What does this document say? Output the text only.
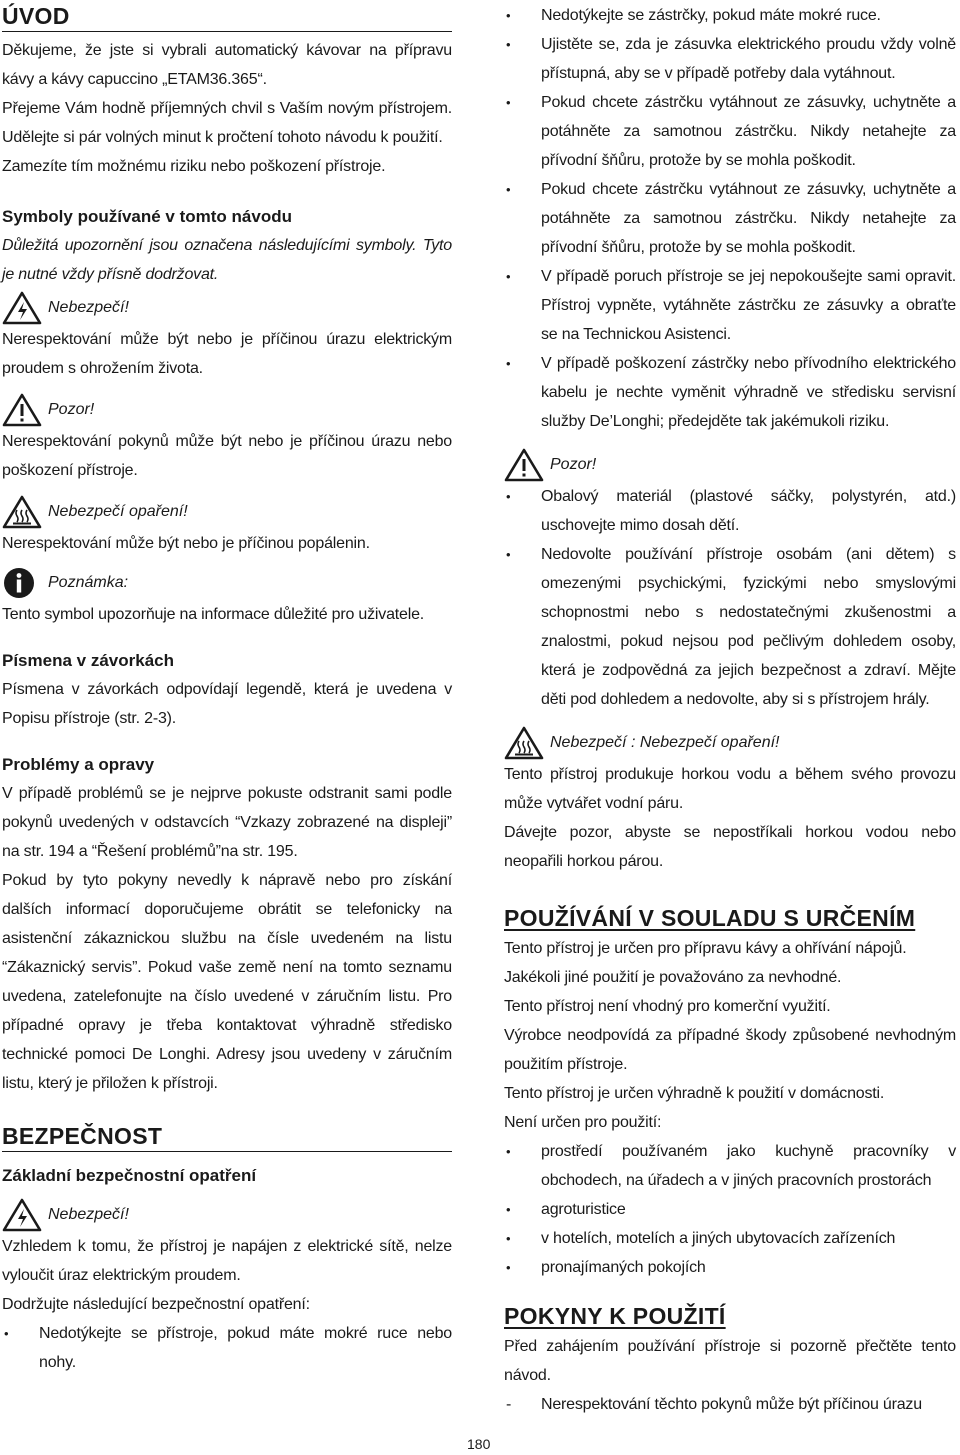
ÚVOD

Děkujeme, že jste si vybrali automatický kávovar na přípravu kávy a kávy capuccino „ETAM36.365“.

Přejeme Vám hodně příjemných chvil s Vaším novým přístrojem. Udělejte si pár volných minut k pročtení tohoto návodu k použití.

Zamezíte tím možnému riziku nebo poškození přístroje.

Symboly používané v tomto návodu

Důležitá upozornění jsou označena následujícími symboly. Tyto je nutné vždy přísně dodržovat.

Nebezpečí!

Nerespektování může být nebo je příčinou úrazu elektrickým proudem s ohrožením života.

Pozor!

Nerespektování pokynů může být nebo je příčinou úrazu nebo poškození přístroje.

Nebezpečí opaření!

Nerespektování může být nebo je příčinou popálenin.

Poznámka:

Tento symbol upozorňuje na informace důležité pro uživatele.

Písmena v závorkách

Písmena v závorkách odpovídají legendě, která je uvedena v Popisu přístroje (str. 2-3).

Problémy a opravy

V případě problémů se je nejprve pokuste odstranit sami podle pokynů uvedených v odstavcích “Vzkazy zobrazené na displeji” na str. 194 a “Řešení problémů”na str. 195.

Pokud by tyto pokyny nevedly k nápravě nebo pro získání dalších informací doporučujeme obrátit se telefonicky na asistenční zákaznickou službu na čísle uvedeném na listu “Zákaznický servis”. Pokud vaše země není na tomto seznamu uvedena, zatelefonujte na číslo uvedené v záručním listu. Pro případné opravy je třeba kontaktovat výhradně středisko technické pomoci De Longhi. Adresy jsou uvedeny v záručním listu, který je přiložen k přístroji.

BEZPEČNOST
Základní bezpečnostní opatření
Nebezpečí!

Vzhledem k tomu, že přístroj je napájen z elektrické sítě, nelze vyloučit úraz elektrickým proudem.

Dodržujte následující bezpečnostní opatření:

• Nedotýkejte se přístroje, pokud máte mokré ruce nebo nohy.
• Nedotýkejte se zástrčky, pokud máte mokré ruce.
• Ujistěte se, zda je zásuvka elektrického proudu vždy volně přístupná, aby se v případě potřeby dala vytáhnout.
• Pokud chcete zástrčku vytáhnout ze zásuvky, uchytněte a potáhněte za samotnou zástrčku. Nikdy netahejte za přívodní šňůru, protože by se mohla poškodit.
• Pokud chcete zástrčku vytáhnout ze zásuvky, uchytněte a potáhněte za samotnou zástrčku. Nikdy netahejte za přívodní šňůru, protože by se mohla poškodit.
• V případě poruch přístroje se jej nepokoušejte sami opravit. Přístroj vypněte, vytáhněte zástrčku ze zásuvky a obraťte se na Technickou Asistenci.
• V případě poškození zástrčky nebo přívodního elektrického kabelu je nechte vyměnit výhradně ve středisku servisní služby De’Longhi; předejděte tak jakémukoli riziku.
Pozor!
• Obalový materiál (plastové sáčky, polystyrén, atd.) uschovejte mimo dosah dětí.
• Nedovolte používání přístroje osobám (ani dětem) s omezenými psychickými, fyzickými nebo smyslovými schopnostmi nebo s nedostatečnými zkušenostmi a znalostmi, pokud nejsou pod pečlivým dohledem osoby, která je zodpovědná za jejich bezpečnost a zdraví. Mějte děti pod dohledem a nedovolte, aby si s přístrojem hrály.
Nebezpečí : Nebezpečí opaření!

Tento přístroj produkuje horkou vodu a během svého provozu může vytvářet vodní páru.

Dávejte pozor, abyste se nepostříkali horkou vodou nebo neopařili horkou párou.

POUŽÍVÁNÍ V SOULADU S URČENÍM

Tento přístroj je určen pro přípravu kávy a ohřívání nápojů.

Jakékoli jiné použití je považováno za nevhodné.

Tento přístroj není vhodný pro komerční využití.

Výrobce neodpovídá za případné škody způsobené nevhodným použitím přístroje.

Tento přístroj je určen výhradně k použití v domácnosti.

Není určen pro použití:

• prostředí používaném jako kuchyně pracovníky v obchodech, na úřadech a v jiných pracovních prostorách
• agroturistice
• v hotelích, motelích a jiných ubytovacích zařízeních
• pronajímaných pokojích
POKYNY K POUŽITÍ

Před zahájením používání přístroje si pozorně přečtěte tento návod.

- Nerespektování těchto pokynů může být příčinou úrazu
180
